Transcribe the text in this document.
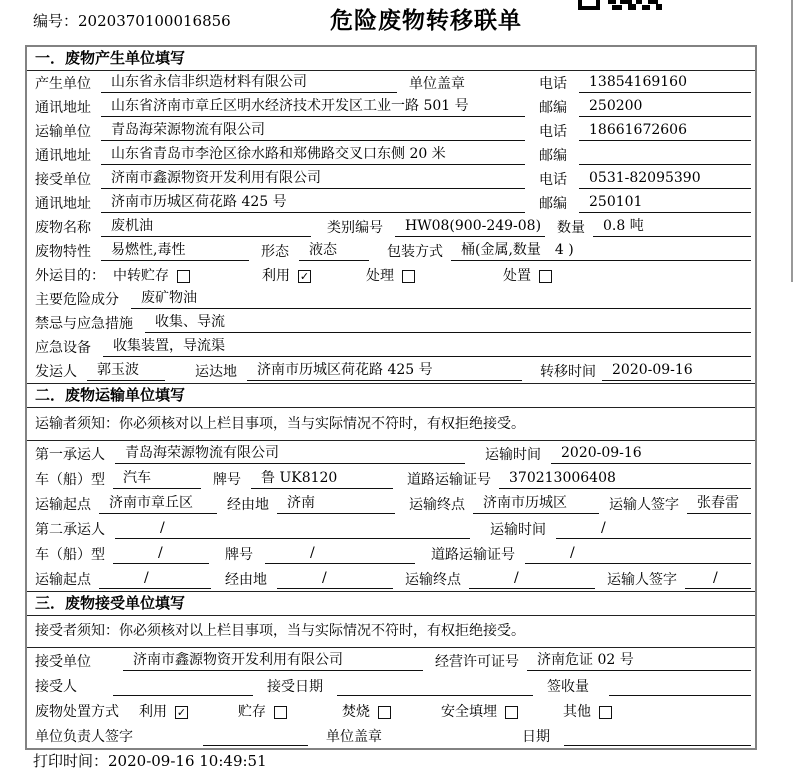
编号：2020370100016856	危险废物转移联单
一．废物产生单位填写
产生单位	山东省永信非织造材料有限公司	单位盖章	电话	13854169160
通讯地址	山东省济南市章丘区明水经济技术开发区工业一路 501 号	邮编	250200
运输单位	青岛海荣源物流有限公司	电话	18661672606
通讯地址	山东省青岛市李沧区徐水路和郑佛路交叉口东侧 20 米	邮编
接受单位	济南市鑫源物资开发利用有限公司	电话	0531-82095390
通讯地址	济南市历城区荷花路 425 号	邮编	250101
废物名称	废机油	类别编号	HW08(900-249-08) 数量	0.8 吨
废物特性	易燃性,毒性	形态	液态	包装方式	桶(金属,数量　4 )
外运目的： 中转贮存	利用 ✓	处理	处置
主要危险成分	废矿物油
禁忌与应急措施	收集、导流
应急设备	收集装置，导流渠
发运人	郭玉波	运达地	济南市历城区荷花路 425 号	转移时间	2020-09-16
二．废物运输单位填写
运输者须知：你必须核对以上栏目事项，当与实际情况不符时，有权拒绝接受。
第一承运人	青岛海荣源物流有限公司	运输时间	2020-09-16
车（船）型	汽车	牌号	鲁 UK8120	道路运输证号	370213006408
运输起点	济南市章丘区	经由地	济南	运输终点	济南市历城区	运输人签字	张春雷
第二承运人	/	运输时间	/
车（船）型	/	牌号	/	道路运输证号	/
运输起点	/	经由地	/	运输终点	/	运输人签字	/
三．废物接受单位填写
接受者须知：你必须核对以上栏目事项，当与实际情况不符时，有权拒绝接受。
接受单位	济南市鑫源物资开发利用有限公司	经营许可证号	济南危证 02 号
接受人	接受日期	签收量
废物处置方式 利用 ✓	贮存	焚烧	安全填埋	其他
单位负责人签字	单位盖章	日期
打印时间：2020-09-16 10:49:51
